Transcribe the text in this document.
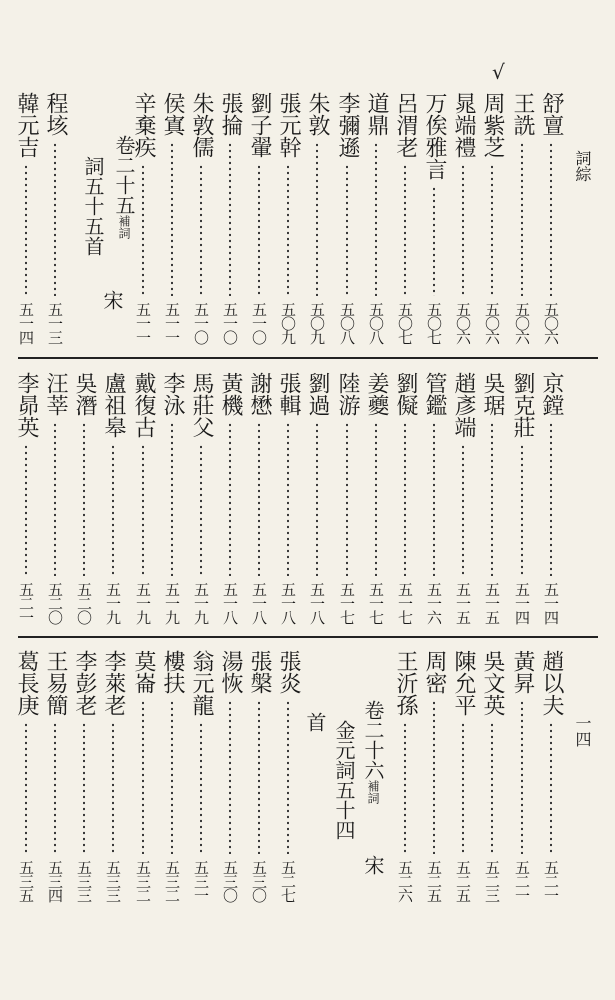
詞綜
一四
√
舒亶
五〇六
王詵
五〇六
周紫芝
五〇六
晁端禮
五〇六
万俟雅言
五〇七
呂渭老
五〇七
道鼎
五〇八
李彌遜
五〇八
朱敦
五〇九
張元幹
五〇九
劉子翬
五一〇
張掄
五一〇
朱敦儒
五一〇
侯寘
五一一
辛棄疾
五一一
程垓
五一三
韓元吉
五一四
京鏜
五一四
劉克莊
五一四
吳琚
五一五
趙彥端
五一五
管鑑
五一六
劉儗
五一七
姜夔
五一七
陸游
五一七
劉過
五一八
張輯
五一八
謝懋
五一八
黃機
五一八
馬莊父
五一九
李泳
五一九
戴復古
五一九
盧祖皋
五一九
吳潛
五二〇
汪莘
五二〇
李昴英
五二一
趙以夫
五二一
黃昇
五二一
吳文英
五二三
陳允平
五二五
周密
五二五
王沂孫
五二六
張炎
五二七
張槃
五三〇
湯恢
五三〇
翁元龍
五三一
樓扶
五三二
莫崙
五三二
李萊老
五三三
李彭老
五三三
王易簡
五三四
葛長庚
五三五
卷二十五補詞
宋
詞五十五首
卷二十六補詞
宋
金元詞五十四
首
